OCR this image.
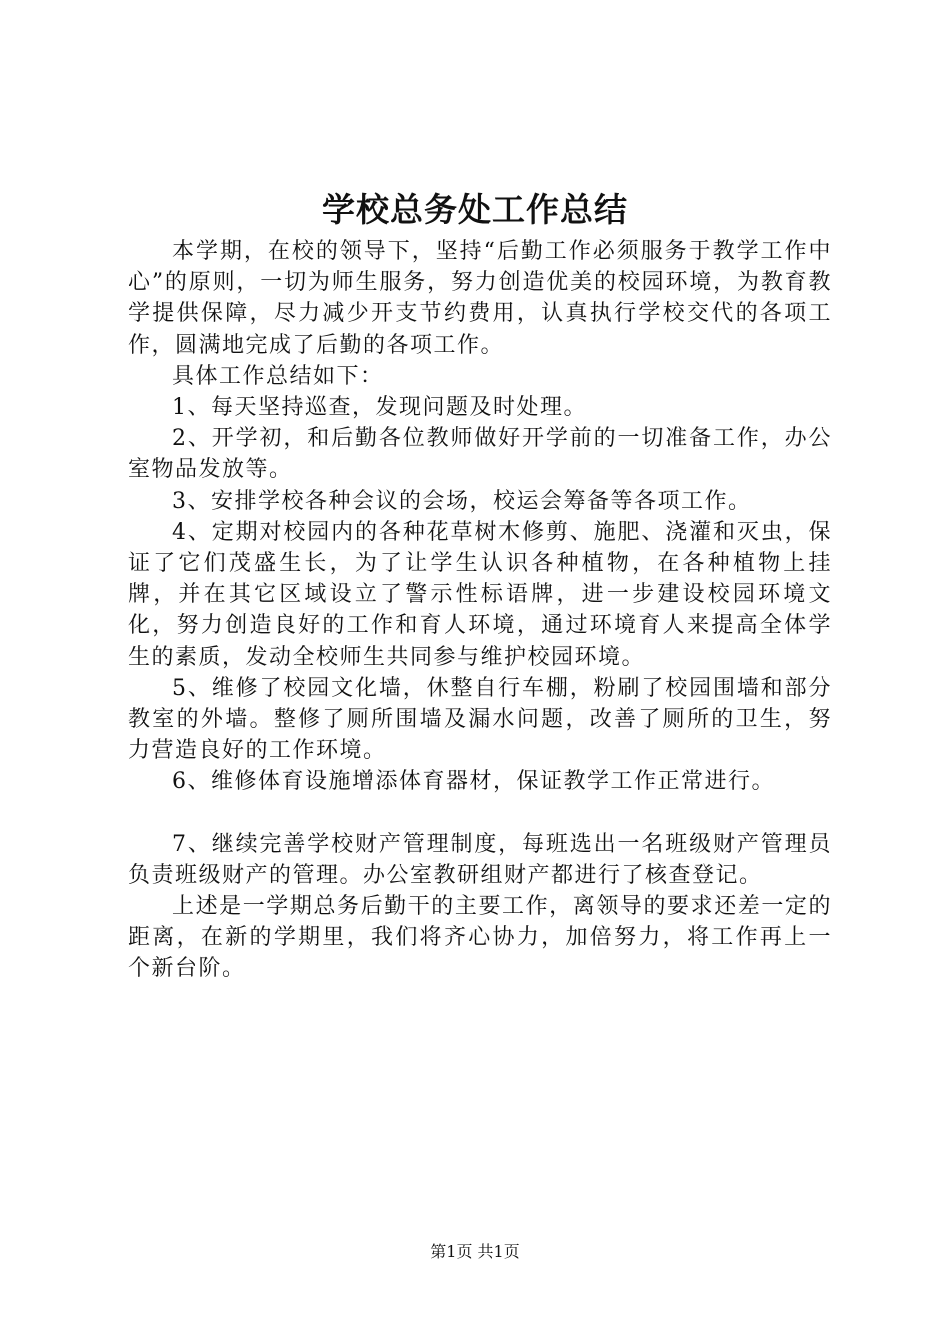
学校总务处工作总结

本学期，在校的领导下，坚持“后勤工作必须服务于教学工作中心”的原则，一切为师生服务，努力创造优美的校园环境，为教育教学提供保障，尽力减少开支节约费用，认真执行学校交代的各项工作，圆满地完成了后勤的各项工作。

具体工作总结如下：

1、每天坚持巡查，发现问题及时处理。

2、开学初，和后勤各位教师做好开学前的一切准备工作，办公室物品发放等。

3、安排学校各种会议的会场，校运会筹备等各项工作。

4、定期对校园内的各种花草树木修剪、施肥、浇灌和灭虫，保证了它们茂盛生长，为了让学生认识各种植物，在各种植物上挂牌，并在其它区域设立了警示性标语牌，进一步建设校园环境文化，努力创造良好的工作和育人环境，通过环境育人来提高全体学生的素质，发动全校师生共同参与维护校园环境。

5、维修了校园文化墙，休整自行车棚，粉刷了校园围墙和部分教室的外墙。整修了厕所围墙及漏水问题，改善了厕所的卫生，努力营造良好的工作环境。

6、维修体育设施增添体育器材，保证教学工作正常进行。

7、继续完善学校财产管理制度，每班选出一名班级财产管理员负责班级财产的管理。办公室教研组财产都进行了核查登记。

上述是一学期总务后勤干的主要工作，离领导的要求还差一定的距离，在新的学期里，我们将齐心协力，加倍努力，将工作再上一个新台阶。

第1页 共1页
